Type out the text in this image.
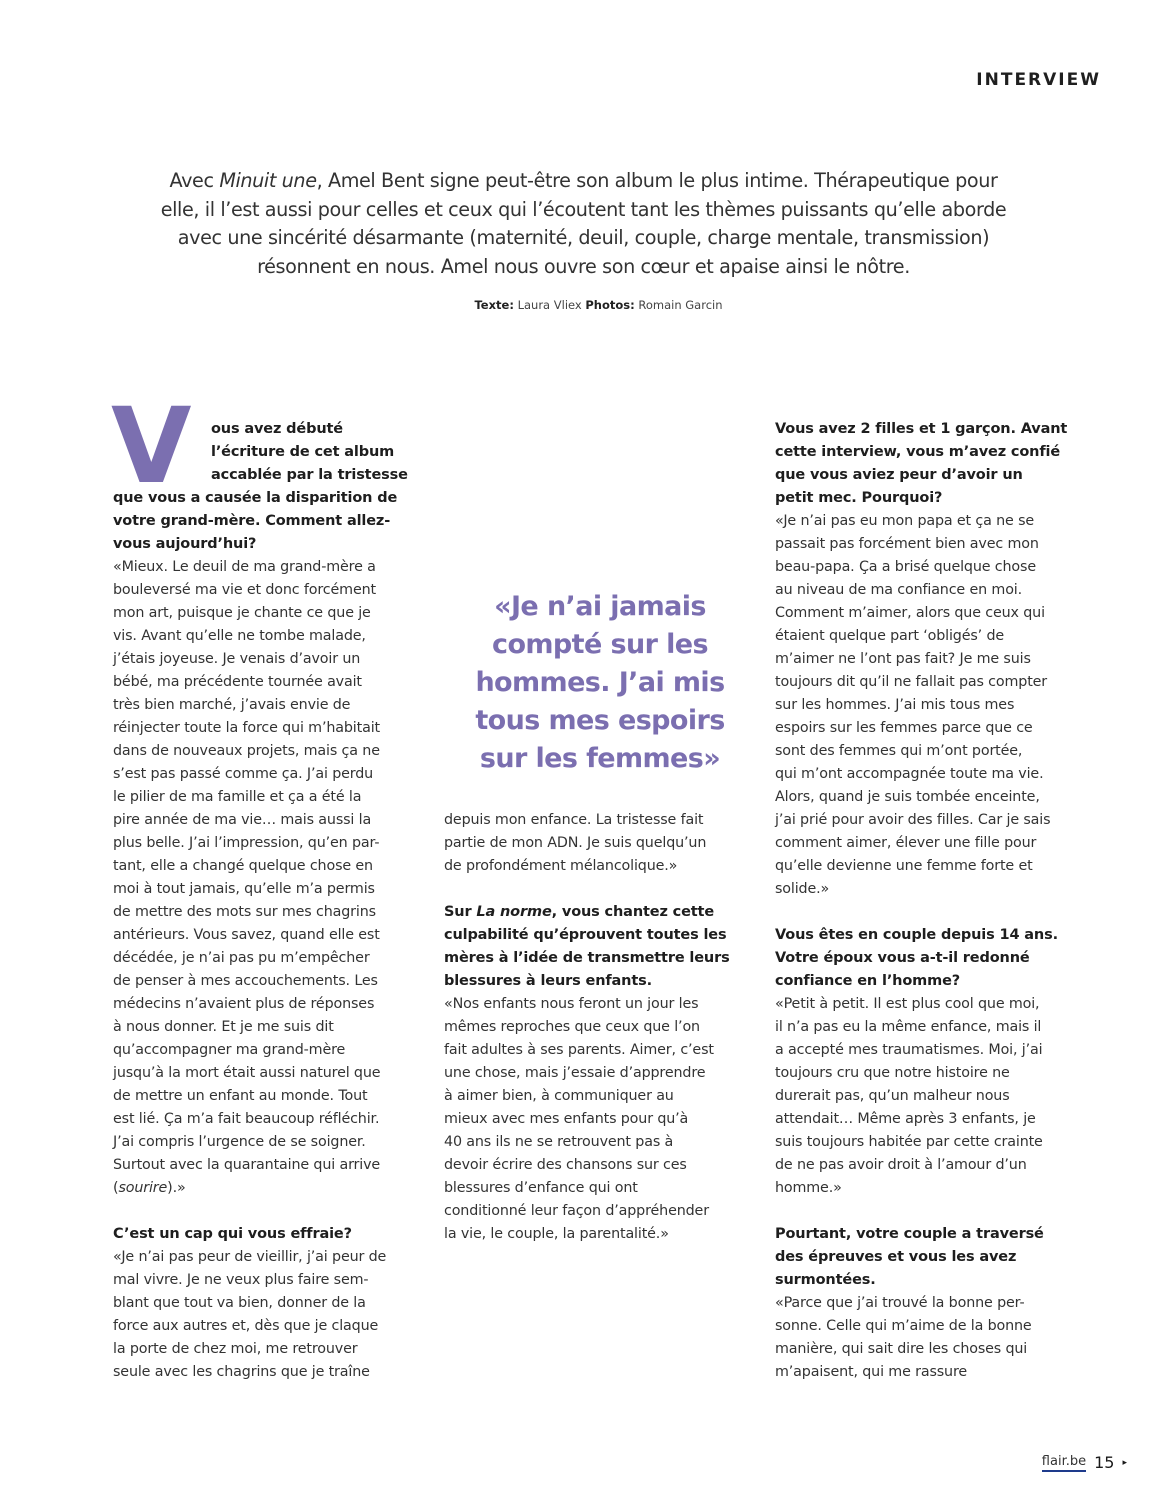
INTERVIEW
Avec Minuit une, Amel Bent signe peut-être son album le plus intime. Thérapeutique pour
elle, il l’est aussi pour celles et ceux qui l’écoutent tant les thèmes puissants qu’elle aborde
avec une sincérité désarmante (maternité, deuil, couple, charge mentale, transmission)
résonnent en nous. Amel nous ouvre son cœur et apaise ainsi le nôtre.
Texte: Laura Vliex Photos: Romain Garcin
V	ous avez débuté
l’écriture de cet album
accablée par la tristesse
que vous a causée la disparition de
votre grand-mère. Comment allez-
vous aujourd’hui?
«Mieux. Le deuil de ma grand-mère a
bouleversé ma vie et donc forcément
mon art, puisque je chante ce que je
vis. Avant qu’elle ne tombe malade,
j’étais joyeuse. Je venais d’avoir un
bébé, ma précédente tournée avait
très bien marché, j’avais envie de
réinjecter toute la force qui m’habitait
dans de nouveaux projets, mais ça ne
s’est pas passé comme ça. J’ai perdu
le pilier de ma famille et ça a été la
pire année de ma vie… mais aussi la
plus belle. J’ai l’impression, qu’en par-
tant, elle a changé quelque chose en
moi à tout jamais, qu’elle m’a permis
de mettre des mots sur mes chagrins
antérieurs. Vous savez, quand elle est
décédée, je n’ai pas pu m’empêcher
de penser à mes accouchements. Les
médecins n’avaient plus de réponses
à nous donner. Et je me suis dit
qu’accompagner ma grand-mère
jusqu’à la mort était aussi naturel que
de mettre un enfant au monde. Tout
est lié. Ça m’a fait beaucoup réfléchir.
J’ai compris l’urgence de se soigner.
Surtout avec la quarantaine qui arrive
(sourire).»
C’est un cap qui vous effraie?
«Je n’ai pas peur de vieillir, j’ai peur de
mal vivre. Je ne veux plus faire sem-
blant que tout va bien, donner de la
force aux autres et, dès que je claque
la porte de chez moi, me retrouver
seule avec les chagrins que je traîne
«Je n’ai jamais
compté sur les
hommes. J’ai mis
tous mes espoirs
sur les femmes»
depuis mon enfance. La tristesse fait
partie de mon ADN. Je suis quelqu’un
de profondément mélancolique.»
Sur La norme, vous chantez cette
culpabilité qu’éprouvent toutes les
mères à l’idée de transmettre leurs
blessures à leurs enfants.
«Nos enfants nous feront un jour les
mêmes reproches que ceux que l’on
fait adultes à ses parents. Aimer, c’est
une chose, mais j’essaie d’apprendre
à aimer bien, à communiquer au
mieux avec mes enfants pour qu’à
40 ans ils ne se retrouvent pas à
devoir écrire des chansons sur ces
blessures d’enfance qui ont
conditionné leur façon d’appréhender
la vie, le couple, la parentalité.»
Vous avez 2 filles et 1 garçon. Avant
cette interview, vous m’avez confié
que vous aviez peur d’avoir un
petit mec. Pourquoi?
«Je n’ai pas eu mon papa et ça ne se
passait pas forcément bien avec mon
beau-papa. Ça a brisé quelque chose
au niveau de ma confiance en moi.
Comment m’aimer, alors que ceux qui
étaient quelque part ‘obligés’ de
m’aimer ne l’ont pas fait? Je me suis
toujours dit qu’il ne fallait pas compter
sur les hommes. J’ai mis tous mes
espoirs sur les femmes parce que ce
sont des femmes qui m’ont portée,
qui m’ont accompagnée toute ma vie.
Alors, quand je suis tombée enceinte,
j’ai prié pour avoir des filles. Car je sais
comment aimer, élever une fille pour
qu’elle devienne une femme forte et
solide.»
Vous êtes en couple depuis 14 ans.
Votre époux vous a-t-il redonné
confiance en l’homme?
«Petit à petit. Il est plus cool que moi,
il n’a pas eu la même enfance, mais il
a accepté mes traumatismes. Moi, j’ai
toujours cru que notre histoire ne
durerait pas, qu’un malheur nous
attendait… Même après 3 enfants, je
suis toujours habitée par cette crainte
de ne pas avoir droit à l’amour d’un
homme.»
Pourtant, votre couple a traversé
des épreuves et vous les avez
surmontées.
«Parce que j’ai trouvé la bonne per-
sonne. Celle qui m’aime de la bonne
manière, qui sait dire les choses qui
m’apaisent, qui me rassure
flair.be 15 ▸
